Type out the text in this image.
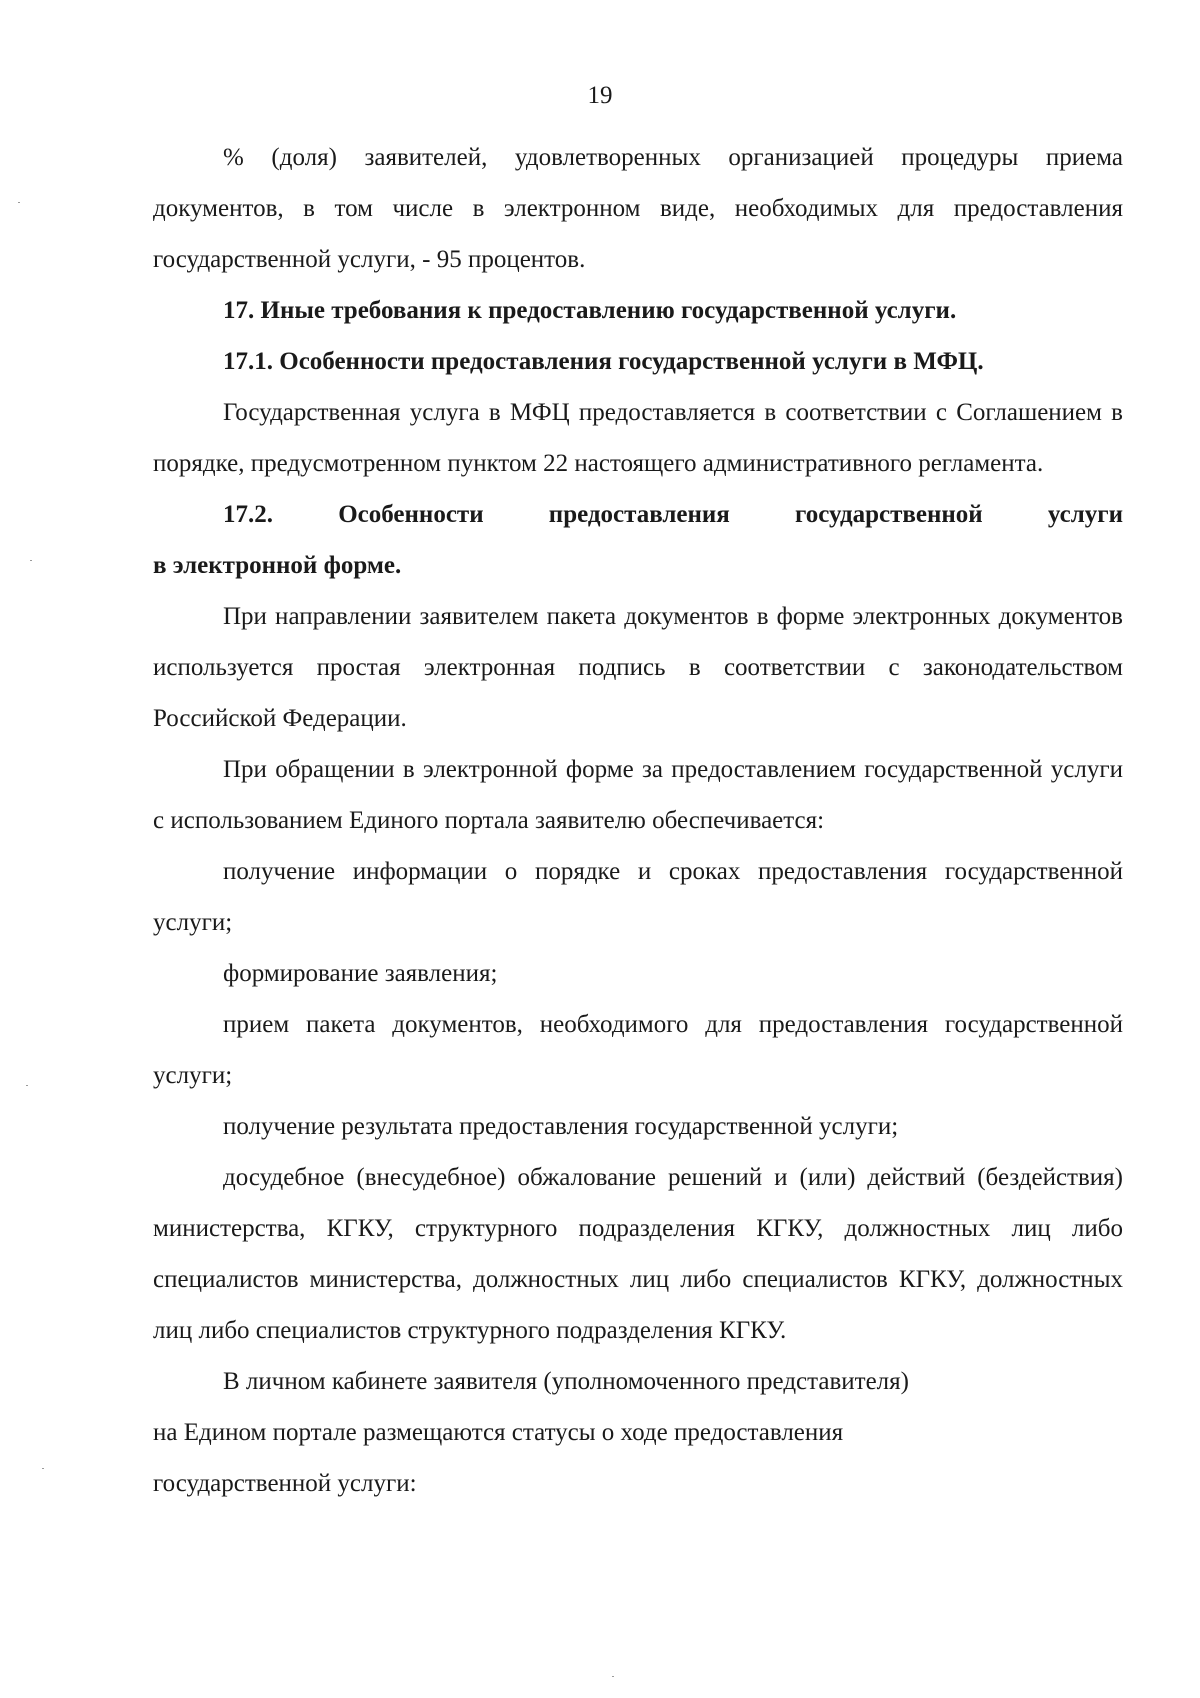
19

% (доля) заявителей, удовлетворенных организацией процедуры приема документов, в том числе в электронном виде, необходимых для предоставления государственной услуги, - 95 процентов.

17. Иные требования к предоставлению государственной услуги.

17.1. Особенности предоставления государственной услуги в МФЦ.

Государственная услуга в МФЦ предоставляется в соответствии с Соглашением в порядке, предусмотренном пунктом 22 настоящего административного регламента.

17.2. Особенности предоставления государственной услуги

в электронной форме.

При направлении заявителем пакета документов в форме электронных документов используется простая электронная подпись в соответствии с законодательством Российской Федерации.

При обращении в электронной форме за предоставлением государственной услуги с использованием Единого портала заявителю обеспечивается:

получение информации о порядке и сроках предоставления государственной услуги;

формирование заявления;

прием пакета документов, необходимого для предоставления государственной услуги;

получение результата предоставления государственной услуги;

досудебное (внесудебное) обжалование решений и (или) действий (бездействия) министерства, КГКУ, структурного подразделения КГКУ, должностных лиц либо специалистов министерства, должностных лиц либо специалистов КГКУ, должностных лиц либо специалистов структурного подразделения КГКУ.

В личном кабинете заявителя (уполномоченного представителя)

на Едином портале размещаются статусы о ходе предоставления

государственной услуги:
